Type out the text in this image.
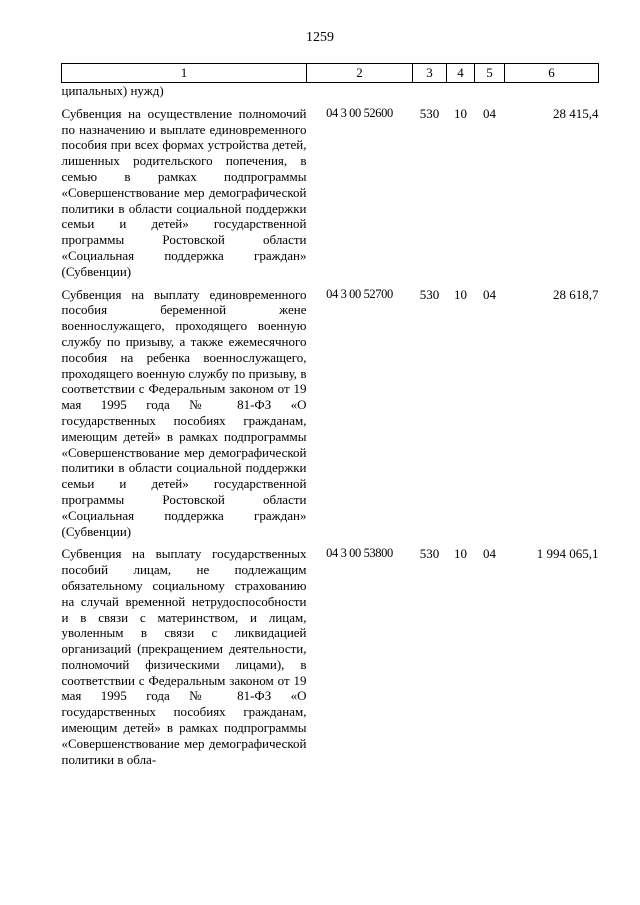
1259
1	2	3	4	5	6
ципальных) нужд)					
Субвенция на осуществление полномочий по назначению и выплате единовременного пособия при всех формах устройства детей, лишенных родительского попечения, в семью в рамках подпрограммы «Совершенствование мер демографической политики в области социальной поддержки семьи и детей» государственной программы Ростовской области «Социальная поддержка граждан» (Субвенции)	04 3 00 52600	530	10	04	28 415,4
Субвенция на выплату единовременного пособия беременной жене военнослужащего, проходящего военную службу по призыву, а также ежемесячного пособия на ребенка военнослужащего, проходящего военную службу по призыву, в соответствии с Федеральным законом от 19 мая 1995 года № 81-ФЗ «О государственных пособиях гражданам, имеющим детей» в рамках подпрограммы «Совершенствование мер демографической политики в области социальной поддержки семьи и детей» государственной программы Ростовской области «Социальная поддержка граждан» (Субвенции)	04 3 00 52700	530	10	04	28 618,7
Субвенция на выплату государственных пособий лицам, не подлежащим обязательному социальному страхованию на случай временной нетрудоспособности и в связи с материнством, и лицам, уволенным в связи с ликвидацией организаций (прекращением деятельности, полномочий физическими лицами), в соответствии с Федеральным законом от 19 мая 1995 года № 81-ФЗ «О государственных пособиях гражданам, имеющим детей» в рамках подпрограммы «Совершенствование мер демографической политики в обла-	04 3 00 53800	530	10	04	1 994 065,1
